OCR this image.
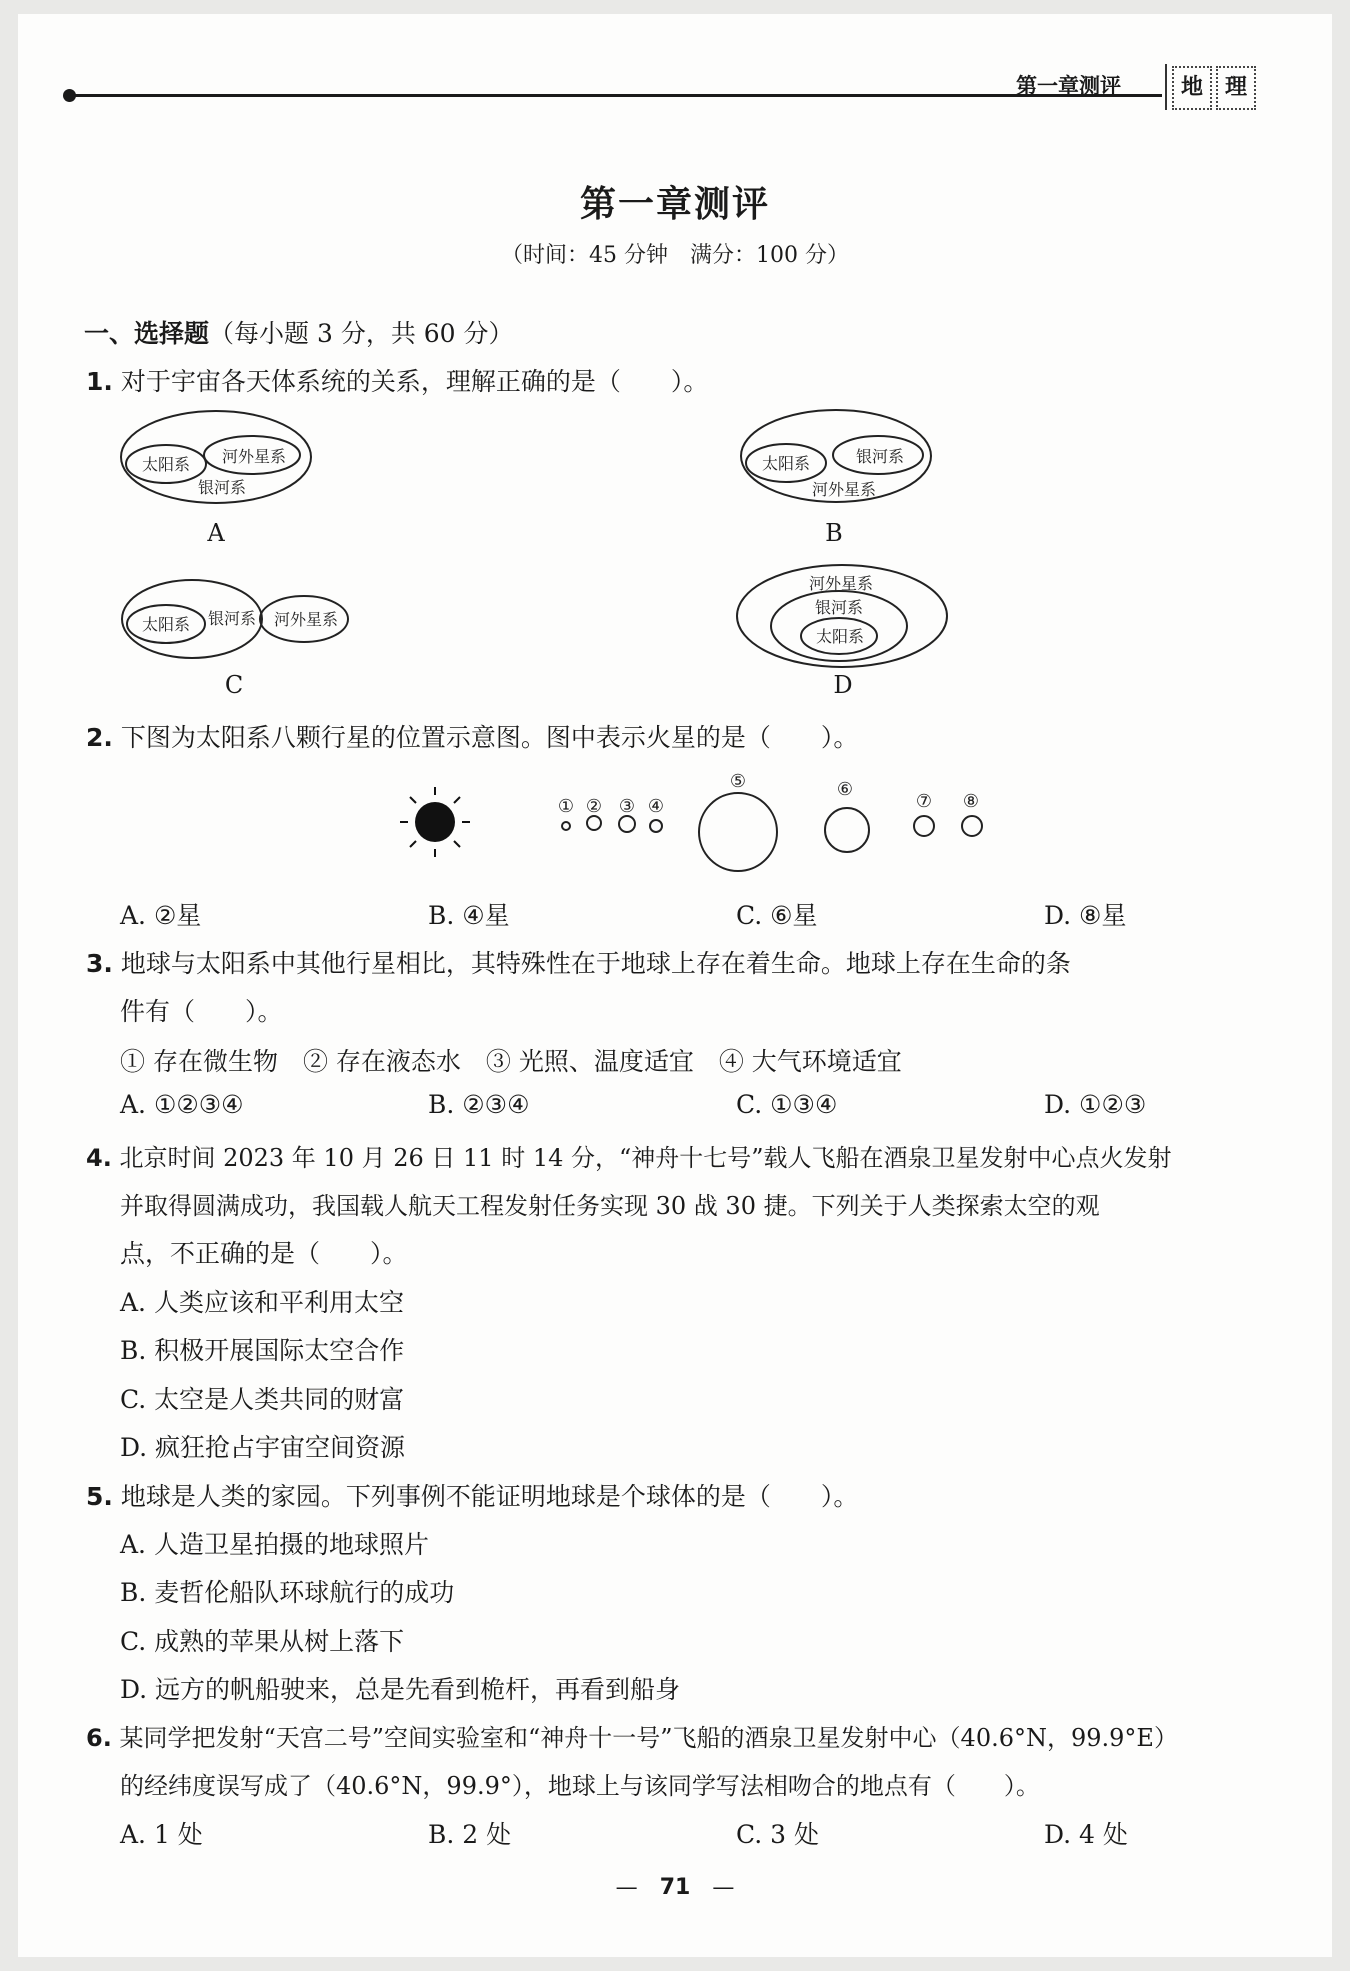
第一章测评	地 理
第一章测评
（时间：45 分钟　满分：100 分）
一、选择题（每小题 3 分，共 60 分）
1. 对于宇宙各天体系统的关系，理解正确的是（　　）。
太阳系 河外星系
银河系
太阳系	银河系
河外星系
太阳系 银河系 河外星系
河外星系
银河系
太阳系
A	B
C	D
2. 下图为太阳系八颗行星的位置示意图。图中表示火星的是（　　）。
① ② ③ ④
⑤	⑥
⑦ ⑧
A. ②星	B. ④星	C. ⑥星	D. ⑧星
3. 地球与太阳系中其他行星相比，其特殊性在于地球上存在着生命。地球上存在生命的条
件有（　　）。
① 存在微生物　② 存在液态水　③ 光照、温度适宜　④ 大气环境适宜
A. ①②③④	B. ②③④	C. ①③④	D. ①②③
4. 北京时间 2023 年 10 月 26 日 11 时 14 分，“神舟十七号”载人飞船在酒泉卫星发射中心点火发射
并取得圆满成功，我国载人航天工程发射任务实现 30 战 30 捷。下列关于人类探索太空的观
点，不正确的是（　　）。
A. 人类应该和平利用太空
B. 积极开展国际太空合作
C. 太空是人类共同的财富
D. 疯狂抢占宇宙空间资源
5. 地球是人类的家园。下列事例不能证明地球是个球体的是（　　）。
A. 人造卫星拍摄的地球照片
B. 麦哲伦船队环球航行的成功
C. 成熟的苹果从树上落下
D. 远方的帆船驶来，总是先看到桅杆，再看到船身
6. 某同学把发射“天宫二号”空间实验室和“神舟十一号”飞船的酒泉卫星发射中心（40.6°N，99.9°E）
的经纬度误写成了（40.6°N，99.9°），地球上与该同学写法相吻合的地点有（　　）。
A. 1 处	B. 2 处	C. 3 处	D. 4 处
—　71　—
